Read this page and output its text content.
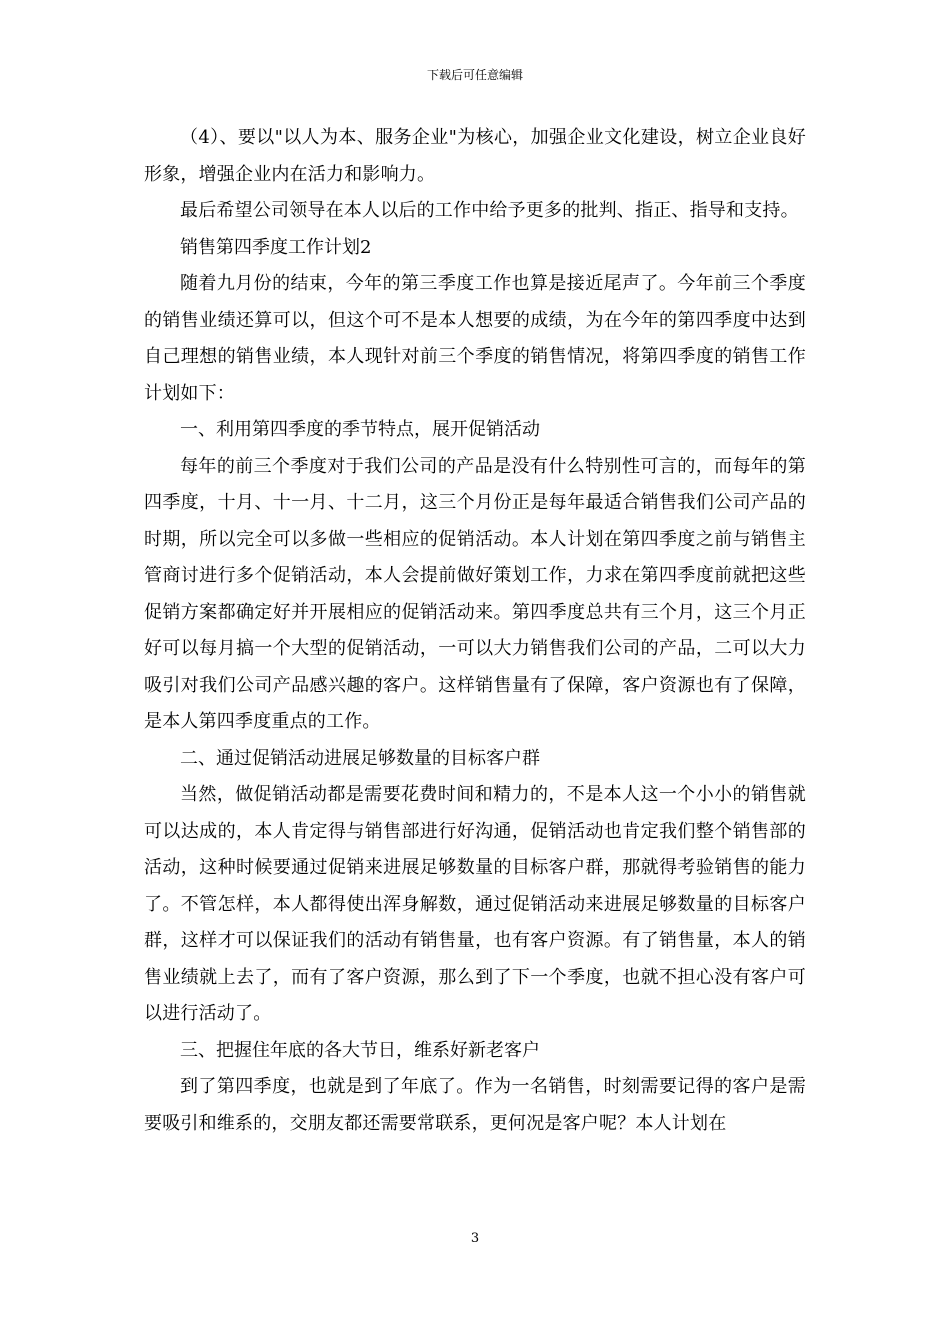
下载后可任意编辑

（4）、要以"以人为本、服务企业"为核心，加强企业文化建设，树立企业良好形象，增强企业内在活力和影响力。

最后希望公司领导在本人以后的工作中给予更多的批判、指正、指导和支持。

销售第四季度工作计划2

随着九月份的结束，今年的第三季度工作也算是接近尾声了。今年前三个季度的销售业绩还算可以，但这个可不是本人想要的成绩，为在今年的第四季度中达到自己理想的销售业绩，本人现针对前三个季度的销售情况，将第四季度的销售工作计划如下：

一、利用第四季度的季节特点，展开促销活动

每年的前三个季度对于我们公司的产品是没有什么特别性可言的，而每年的第四季度，十月、十一月、十二月，这三个月份正是每年最适合销售我们公司产品的时期，所以完全可以多做一些相应的促销活动。本人计划在第四季度之前与销售主管商讨进行多个促销活动，本人会提前做好策划工作，力求在第四季度前就把这些促销方案都确定好并开展相应的促销活动来。第四季度总共有三个月，这三个月正好可以每月搞一个大型的促销活动，一可以大力销售我们公司的产品，二可以大力吸引对我们公司产品感兴趣的客户。这样销售量有了保障，客户资源也有了保障，是本人第四季度重点的工作。

二、通过促销活动进展足够数量的目标客户群

当然，做促销活动都是需要花费时间和精力的，不是本人这一个小小的销售就可以达成的，本人肯定得与销售部进行好沟通，促销活动也肯定我们整个销售部的活动，这种时候要通过促销来进展足够数量的目标客户群，那就得考验销售的能力了。不管怎样，本人都得使出浑身解数，通过促销活动来进展足够数量的目标客户群，这样才可以保证我们的活动有销售量，也有客户资源。有了销售量，本人的销售业绩就上去了，而有了客户资源，那么到了下一个季度，也就不担心没有客户可以进行活动了。

三、把握住年底的各大节日，维系好新老客户

到了第四季度，也就是到了年底了。作为一名销售，时刻需要记得的客户是需要吸引和维系的，交朋友都还需要常联系，更何况是客户呢？本人计划在

3
